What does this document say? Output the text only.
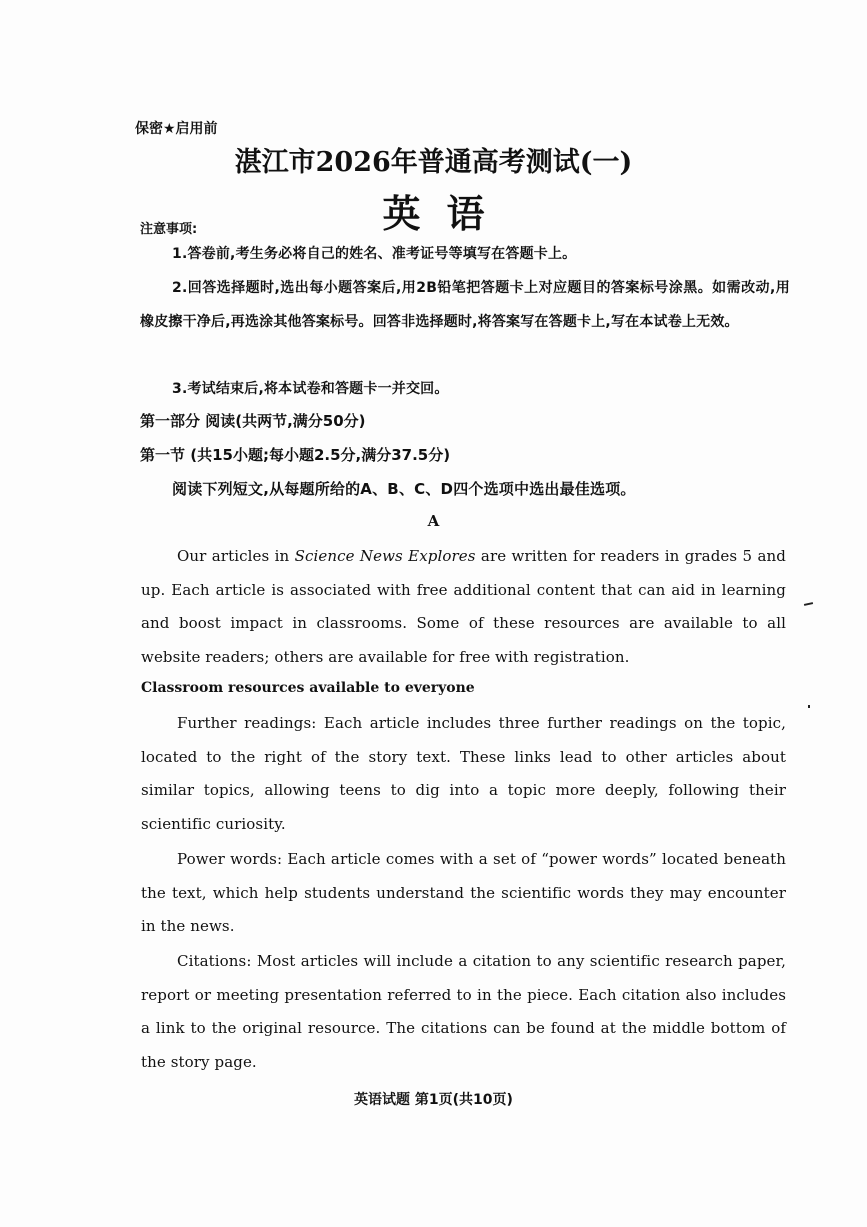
保密★启用前
湛江市2026年普通高考测试(一)
英语
注意事项:
1.答卷前,考生务必将自己的姓名、准考证号等填写在答题卡上。
2.回答选择题时,选出每小题答案后,用2B铅笔把答题卡上对应题目的答案标号涂黑。如需改动,用橡皮擦干净后,再选涂其他答案标号。回答非选择题时,将答案写在答题卡上,写在本试卷上无效。
3.考试结束后,将本试卷和答题卡一并交回。
第一部分 阅读(共两节,满分50分)
第一节 (共15小题;每小题2.5分,满分37.5分)
阅读下列短文,从每题所给的A、B、C、D四个选项中选出最佳选项。
A
Our articles in Science News Explores are written for readers in grades 5 and up. Each article is associated with free additional content that can aid in learning and boost impact in classrooms. Some of these resources are available to all website readers; others are available for free with registration.
Classroom resources available to everyone
Further readings: Each article includes three further readings on the topic, located to the right of the story text. These links lead to other articles about similar topics, allowing teens to dig into a topic more deeply, following their scientific curiosity.
Power words: Each article comes with a set of “power words” located beneath the text, which help students understand the scientific words they may encounter in the news.
Citations: Most articles will include a citation to any scientific research paper, report or meeting presentation referred to in the piece. Each citation also includes a link to the original resource. The citations can be found at the middle bottom of the story page.
英语试题 第1页(共10页)
